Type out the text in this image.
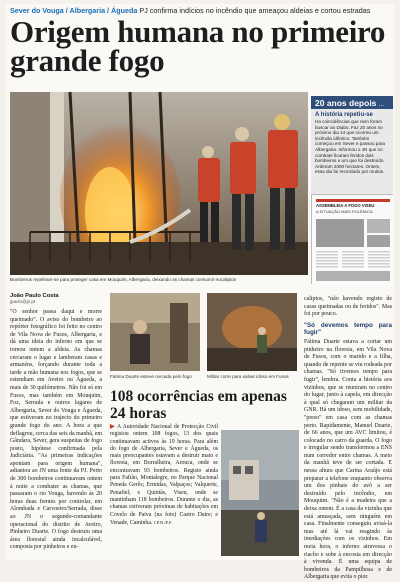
Sever do Vouga / Albergaria / Águeda PJ confirma indícios no incêndio que ameaçou aldeias e cortou estradas
Origem humana no primeiro grande fogo

Bombeiros repeliram-se para proteger casa em Mouquim, Albergaria, deixando as chamas consumir eucaliptos

20 anos depois ...
A história repetiu-se

Ha coincidências que nem foram buscar ao Diabo. Faz 20 anos no próximo dia 14 que ocorreu um incêndio idêntico. Também começou em Sever e passou para Albergaria. Informou o JN que no combate ficaram feridos dois bombeiros e um que foi destruído. Arderam 2000 hectares. Ontem, essa dia foi recordado por muitos.

ASSEMBLEIA A FOGO VISEU
A SITUAÇÃO MAIS POLÉMICA
João Paulo Costa
jpaulo@jn.pt
"O senhor passa daqui e morre queimado". O aviso do bombeiro ao repórter fotográfico foi feito no centro de Vila Nova de Fusos, Albergaria, e dá uma ideia do inferno em que se tornou ontem a aldeia. As chamas cercaram o lugar e lamberam casas e armazéns, forçando durante toda a tarde a mão humana nos fogos, que se estendiam em Aveiro ou Águeda, a mais de 30 quilómetros. Não foi só em Fusos, mas também em Mouquim, Foz, Serrada e outros lugares de Albergaria, Sever do Vouga e Águeda, que estiveram no trajecto do primeiro grande fogo do ano. A hora a que deflagrou, cerca das seis da manhã, em Gândara, Sever, gera suspeitas de fogo posto, hipótese confirmada pela Judiciária. "As primeiras indicações apontam para origem humana", adiantou ao JN uma fonte da PJ. Perto de 300 bombeiros continuavam ontem à noite a combater as chamas, que passaram o rio Vouga, havendo às 20 horas duas frentes por controlar, em Alombada e Carvoeiro/Serrada, disse ao JN o segundo-comandante operacional do distrito de Aveiro, Pinheiro Duarte. O fogo destruiu uma área florestal ainda incalculável, composta por pinheiros e eu-

Fátima Duarte esteve cercada pelo fogo	Militar corre para salvar idoso em Fusos

108 ocorrências em apenas 24 horas
▶ A Autoridade Nacional de Protecção Civil registou ontem 108 fogos, 13 dos quais continuavam activos às 19 horas. Para além do fogo de Albergaria, Sever e Águeda, os mais preocupantes estavam a destruir mato e floresta, em Borralheira, Arouca, onde se encontravam 93 bombeiros. Registo ainda para Fafião, Montalegre, no Parque Nacional Peneda Gerês; Ermidas, Valpaços; Valquerte, Penafiel; e Quintãs, Viseu, onde se mantinham 118 bombeiros. Durante o dia, as chamas estiveram próximas de habitações em Covelo de Paiva (na foto) Castro Daire; e Venade, Caminha. J.P.N./F.F.
caliptos, "não havendo registo de casas queimadas ou de feridos". Mas foi por pouco.
"Só devemos tempo para fugir"
Fátima Duarte estava a cortar um pinheiro na floresta, em Vila Nova de Fusos, com o marido e a filha, quando de repente se viu rodeada por chamas. "Só tivemos tempo para fugir", lembra. Conta a história aos vizinhos, que se reuniram no centro do lugar, junto à capela, em direcção à qual só chegaram um militar da GNR. Há um idoso, sem mobilidade, "preso" em casa com as chamas perto. Rapidamente, Manuel Duarte, de 66 anos, que um AVC limitou, é colocado no carro da guarda. O fogo e irregular sendo transformou a ENS num corredor entre chamas. A meio da manhã teve de ser cortada. E nessa altura que Carina Araújo está preparar a telefone enquanto observa um dos pinhais do avô a ser destruído pelo incêndio, em Mouquim. "Não é a madeira que a deixa ontem. É a casa da vizinha que está ameaçada, sem ninguém em casa. Finalmente conseguiu avisá-la mas até lá vai reagindo às imediações com os vizinhos. Em meia hora, o inferno atravessa o riacho e sobe à encosta em direcção à vivenda. É uma equipa de bombeiros da Pampilhosa e de Albergaria que evita o pior.
